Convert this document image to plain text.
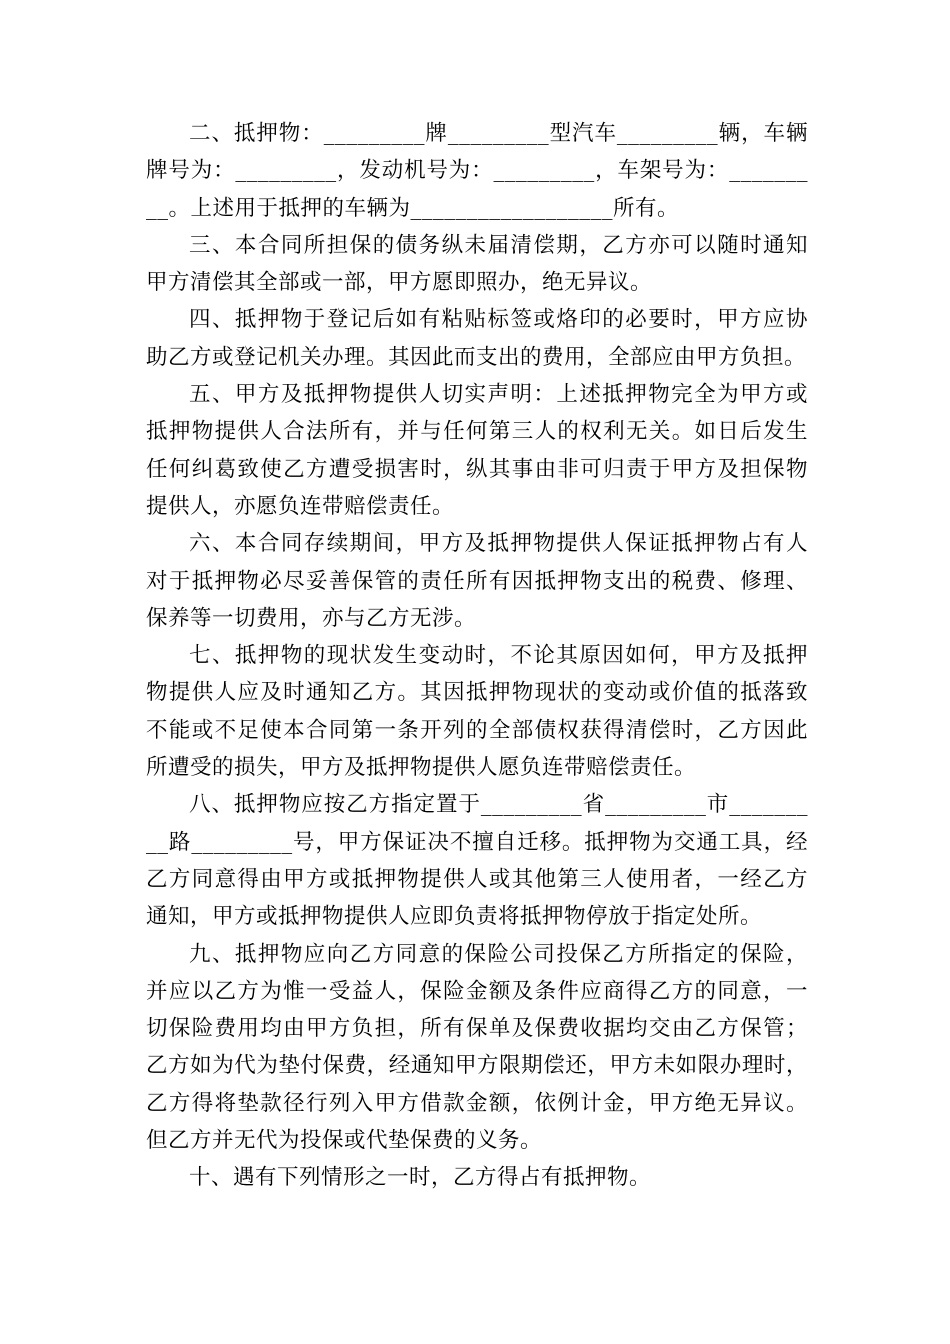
二、抵押物：_________牌_________型汽车_________辆，车辆
牌号为：_________，发动机号为：_________，车架号为：_______
__。上述用于抵押的车辆为__________________所有。
三、本合同所担保的债务纵未届清偿期，乙方亦可以随时通知
甲方清偿其全部或一部，甲方愿即照办，绝无异议。
四、抵押物于登记后如有粘贴标签或烙印的必要时，甲方应协
助乙方或登记机关办理。其因此而支出的费用，全部应由甲方负担。
五、甲方及抵押物提供人切实声明：上述抵押物完全为甲方或
抵押物提供人合法所有，并与任何第三人的权利无关。如日后发生
任何纠葛致使乙方遭受损害时，纵其事由非可归责于甲方及担保物
提供人，亦愿负连带赔偿责任。
六、本合同存续期间，甲方及抵押物提供人保证抵押物占有人
对于抵押物必尽妥善保管的责任所有因抵押物支出的税费、修理、
保养等一切费用，亦与乙方无涉。
七、抵押物的现状发生变动时，不论其原因如何，甲方及抵押
物提供人应及时通知乙方。其因抵押物现状的变动或价值的抵落致
不能或不足使本合同第一条开列的全部债权获得清偿时，乙方因此
所遭受的损失，甲方及抵押物提供人愿负连带赔偿责任。
八、抵押物应按乙方指定置于_________省_________市_______
__路_________号，甲方保证决不擅自迁移。抵押物为交通工具，经
乙方同意得由甲方或抵押物提供人或其他第三人使用者，一经乙方
通知，甲方或抵押物提供人应即负责将抵押物停放于指定处所。
九、抵押物应向乙方同意的保险公司投保乙方所指定的保险，
并应以乙方为惟一受益人，保险金额及条件应商得乙方的同意，一
切保险费用均由甲方负担，所有保单及保费收据均交由乙方保管；
乙方如为代为垫付保费，经通知甲方限期偿还，甲方未如限办理时，
乙方得将垫款径行列入甲方借款金额，依例计金，甲方绝无异议。
但乙方并无代为投保或代垫保费的义务。
十、遇有下列情形之一时，乙方得占有抵押物。
